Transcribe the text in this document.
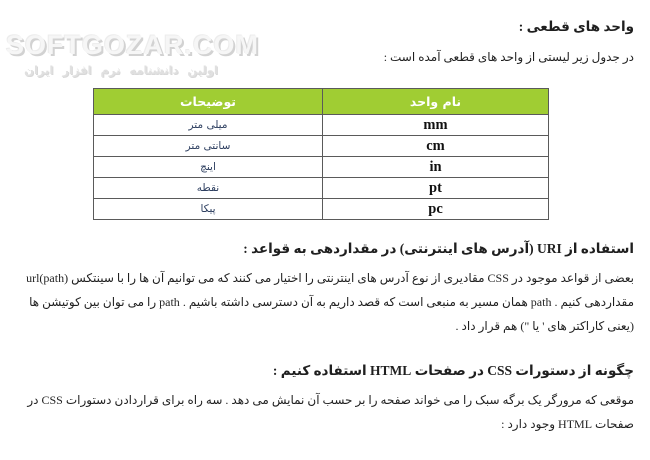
SOFTGOZAR.COM
اولین دانشنامه نرم افزار ایران
واحد های قطعی :
در جدول زیر لیستی از واحد های قطعی آمده است :
نام واحد	توضیحات
mm	میلی متر
cm	سانتی متر
in	اینچ
pt	نقطه
pc	پیکا
استفاده از URI (آدرس های اینترنتی) در مقداردهی به قواعد :
بعضی از قواعد موجود در CSS مقادیری از نوع آدرس های اینترنتی را اختیار می کنند که می توانیم آن ها را با سینتکس url(path)
مقداردهی کنیم . path همان مسیر به منبعی است که قصد داریم به آن دسترسی داشته باشیم . path را می توان بین کوتیشن ها
(یعنی کاراکتر های ' یا ") هم قرار داد .
چگونه از دستورات CSS در صفحات HTML استفاده کنیم :
موقعی که مرورگر یک برگه سبک را می خواند صفحه را بر حسب آن نمایش می دهد . سه راه برای قراردادن دستورات CSS در
صفحات HTML وجود دارد :
